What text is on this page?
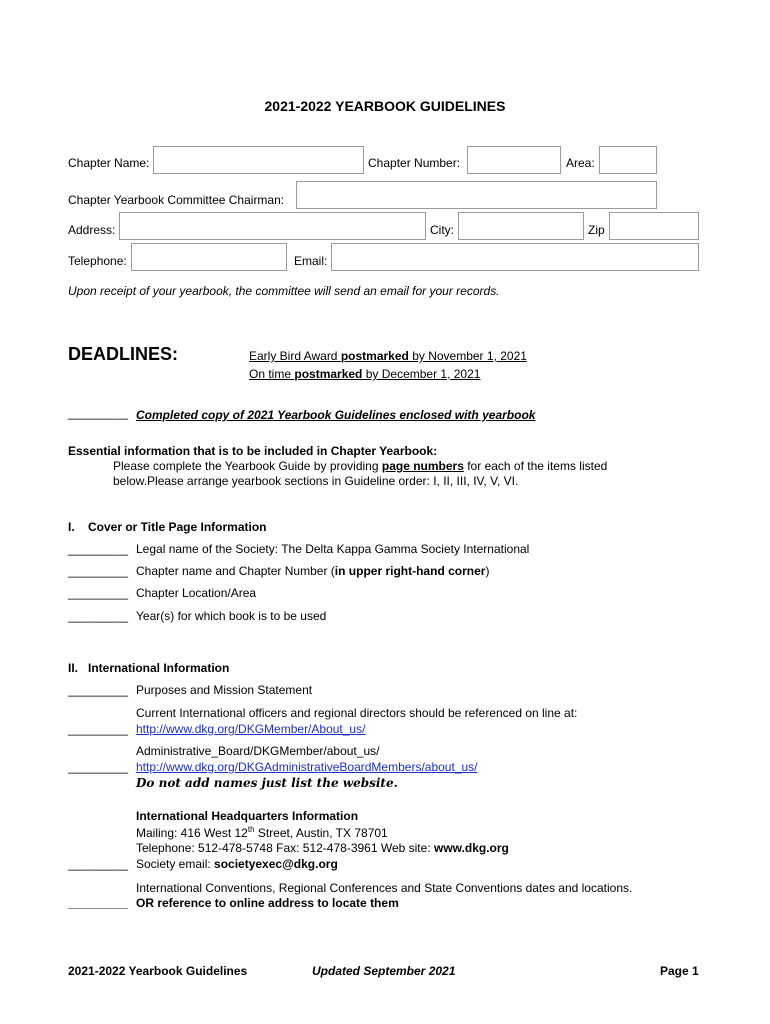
2021-2022 YEARBOOK GUIDELINES
Chapter Name:	Chapter Number:	Area:
Chapter Yearbook Committee Chairman:
Address:	City:	Zip
Telephone:	Email:
Upon receipt of your yearbook, the committee will send an email for your records.
DEADLINES:	Early Bird Award postmarked by November 1, 2021
On time postmarked by December 1, 2021
_________ Completed copy of 2021 Yearbook Guidelines enclosed with yearbook
Essential information that is to be included in Chapter Yearbook:
Please complete the Yearbook Guide by providing page numbers for each of the items listed
below.Please arrange yearbook sections in Guideline order: I, II, III, IV, V, VI.
I.    Cover or Title Page Information
_________ Legal name of the Society: The Delta Kappa Gamma Society International
_________ Chapter name and Chapter Number (in upper right-hand corner)
_________ Chapter Location/Area
_________ Year(s) for which book is to be used
II.   International Information
_________ Purposes and Mission Statement
Current International officers and regional directors should be referenced on line at:
_________ http://www.dkg.org/DKGMember/About_us/
Administrative_Board/DKGMember/about_us/
_________ http://www.dkg.org/DKGAdministrativeBoardMembers/about_us/
Do not add names just list the website.
International Headquarters Information
Mailing: 416 West 12th Street, Austin, TX 78701
Telephone: 512-478-5748 Fax: 512-478-3961 Web site: www.dkg.org
_________ Society email: societyexec@dkg.org
International Conventions, Regional Conferences and State Conventions dates and locations.
_________ OR reference to online address to locate them
2021-2022 Yearbook Guidelines	Updated September 2021	Page 1
